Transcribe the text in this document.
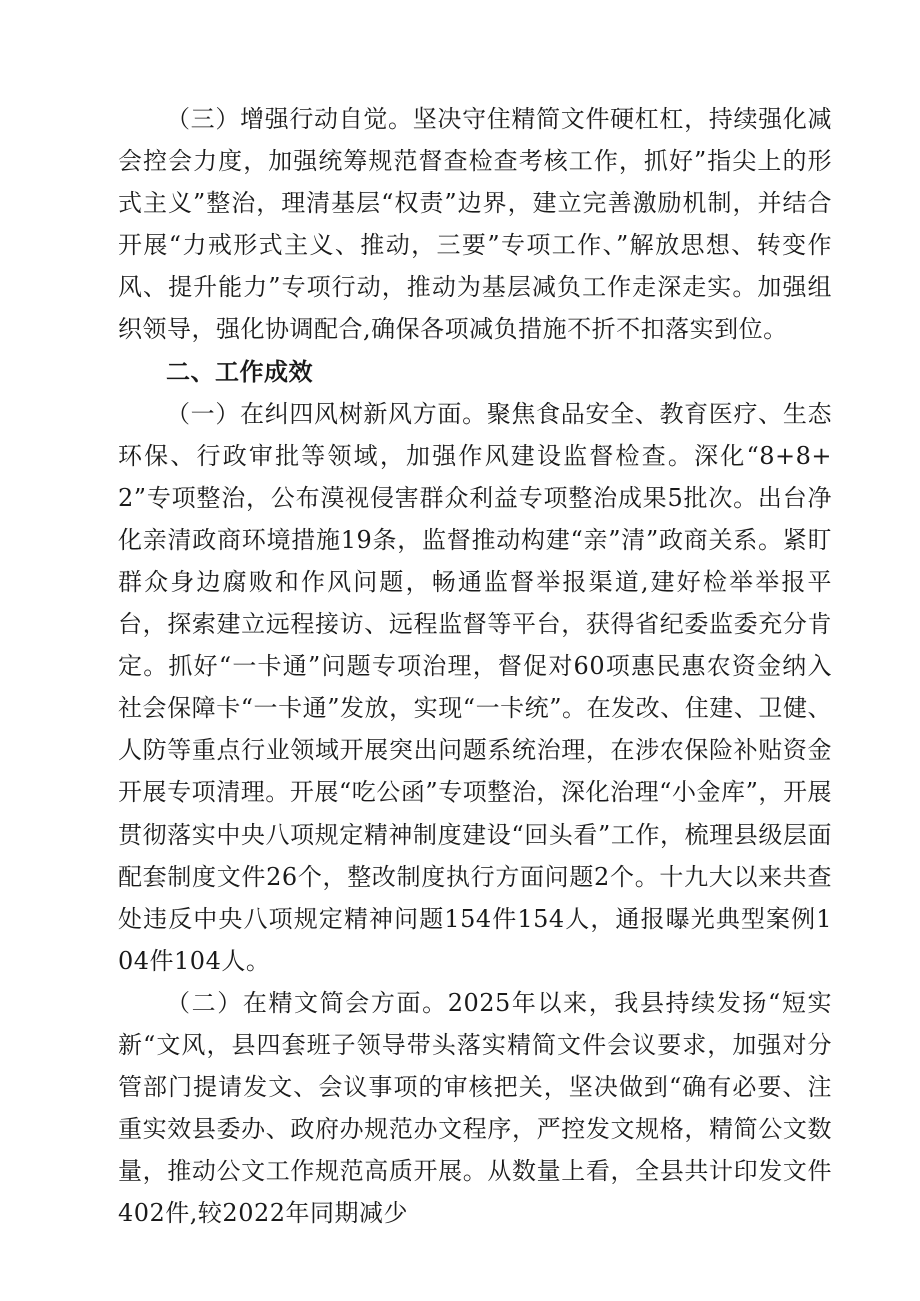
（三）增强行动自觉。坚决守住精简文件硬杠杠，持续强化减会控会力度，加强统筹规范督查检查考核工作，抓好”指尖上的形式主义”整治，理清基层“权责”边界，建立完善激励机制，并结合开展“力戒形式主义、推动，三要”专项工作、”解放思想、转变作风、提升能力”专项行动，推动为基层减负工作走深走实。加强组织领导，强化协调配合,确保各项减负措施不折不扣落实到位。

二、工作成效

（一）在纠四风树新风方面。聚焦食品安全、教育医疗、生态环保、行政审批等领域，加强作风建设监督检查。深化“8+8+2”专项整治，公布漠视侵害群众利益专项整治成果5批次。出台净化亲清政商环境措施19条，监督推动构建“亲”清”政商关系。紧盯群众身边腐败和作风问题，畅通监督举报渠道,建好检举举报平台，探索建立远程接访、远程监督等平台，获得省纪委监委充分肯定。抓好“一卡通”问题专项治理，督促对60项惠民惠农资金纳入社会保障卡“一卡通”发放，实现“一卡统”。在发改、住建、卫健、人防等重点行业领域开展突出问题系统治理，在涉农保险补贴资金开展专项清理。开展“吃公函”专项整治，深化治理“小金库”，开展贯彻落实中央八项规定精神制度建设“回头看”工作，梳理县级层面配套制度文件26个，整改制度执行方面问题2个。十九大以来共查处违反中央八项规定精神问题154件154人，通报曝光典型案例104件104人。

（二）在精文简会方面。2025年以来，我县持续发扬“短实新“文风，县四套班子领导带头落实精简文件会议要求，加强对分管部门提请发文、会议事项的审核把关，坚决做到“确有必要、注重实效县委办、政府办规范办文程序，严控发文规格，精简公文数量，推动公文工作规范高质开展。从数量上看，全县共计印发文件402件,较2022年同期减少
